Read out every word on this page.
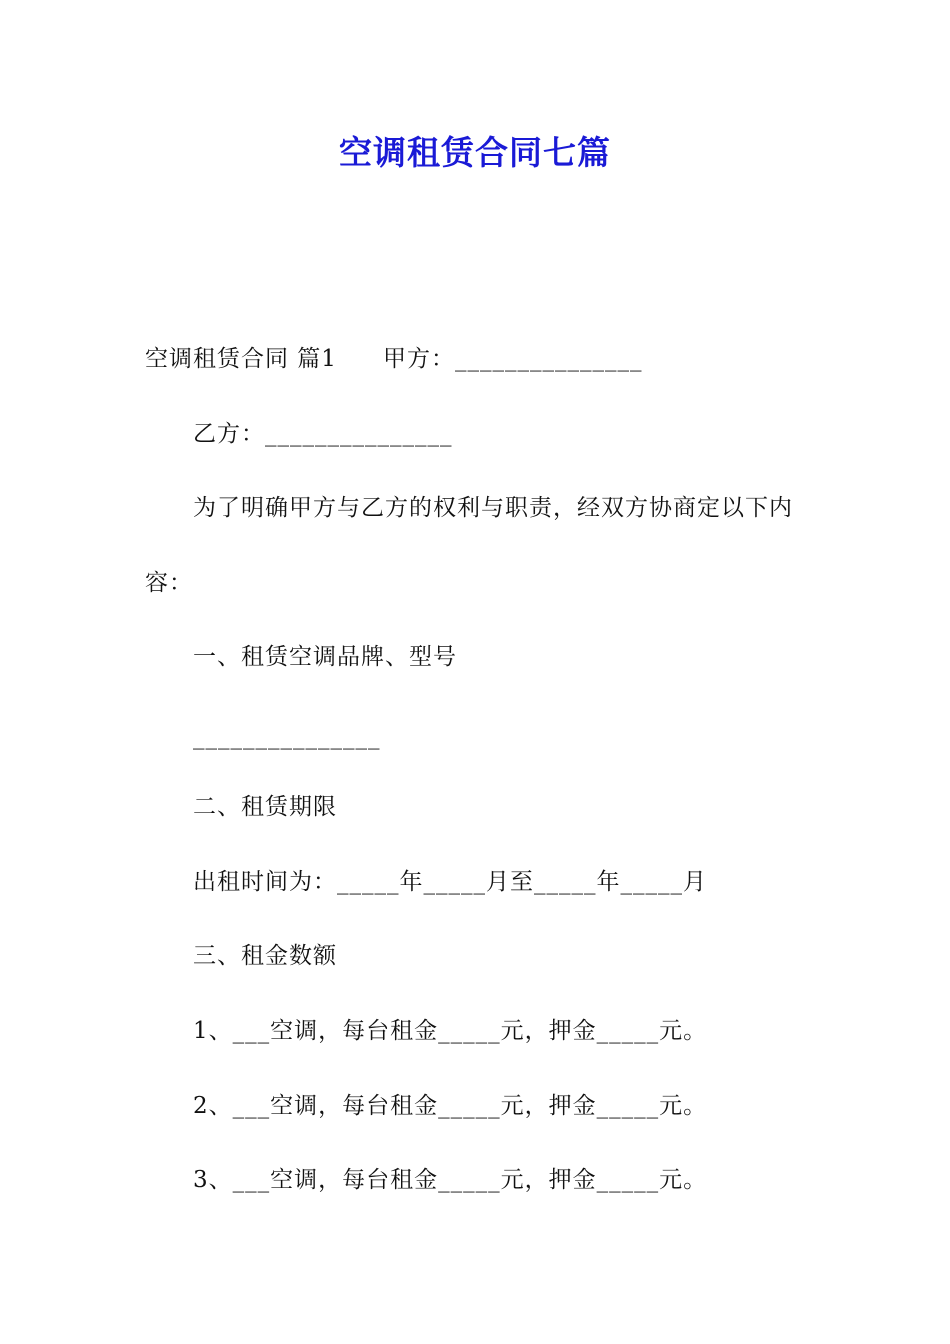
空调租赁合同七篇
空调租赁合同 篇1 甲方：_______________
乙方：_______________
为了明确甲方与乙方的权利与职责，经双方协商定以下内
容：
一、租赁空调品牌、型号
_______________
二、租赁期限
出租时间为：_____年_____月至_____年_____月
三、租金数额
1、___空调，每台租金_____元，押金_____元。
2、___空调，每台租金_____元，押金_____元。
3、___空调，每台租金_____元，押金_____元。
